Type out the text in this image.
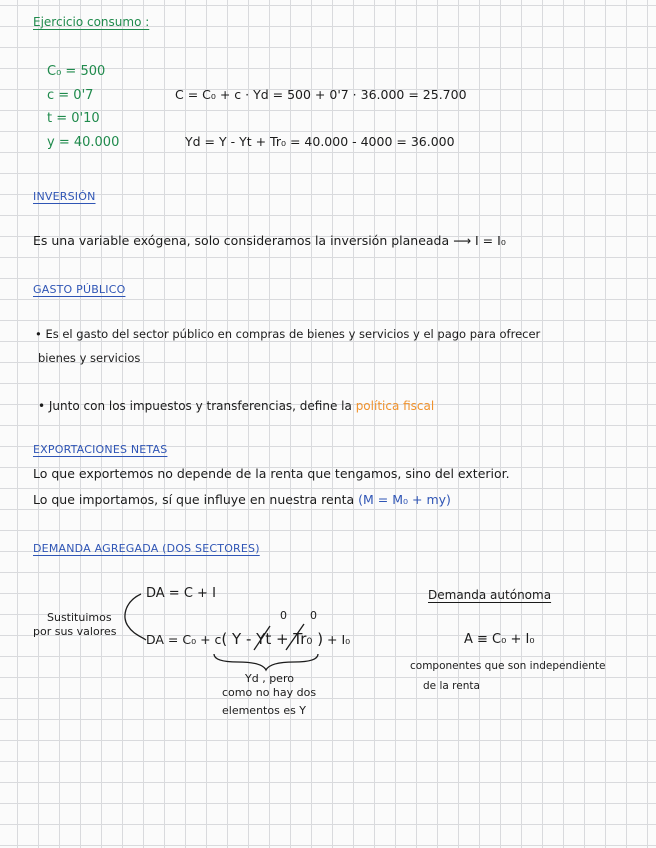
Ejercicio consumo :
C₀ = 500
c = 0'7
t = 0'10
y = 40.000
C = C₀ + c · Yd = 500 + 0'7 · 36.000 = 25.700
Yd = Y - Yt + Tr₀ = 40.000 - 4000 = 36.000
INVERSIÓN
Es una variable exógena, solo consideramos la inversión planeada ⟶ I = I₀
GASTO PÚBLICO
• Es el gasto del sector público en compras de bienes y servicios y el pago para ofrecer
bienes y servicios
• Junto con los impuestos y transferencias, define la política fiscal
EXPORTACIONES NETAS
Lo que exportemos no depende de la renta que tengamos, sino del exterior.
Lo que importamos, sí que influye en nuestra renta (M = M₀ + my)
DEMANDA AGREGADA (DOS SECTORES)
Sustituimos
por sus valores
DA = C + I
0 0
DA = C₀ + c( Y - Yt + Tr₀ ) + I₀
Yd , pero
como no hay dos
elementos es Y
Demanda autónoma
A ≡ C₀ + I₀
componentes que son independiente
de la renta
